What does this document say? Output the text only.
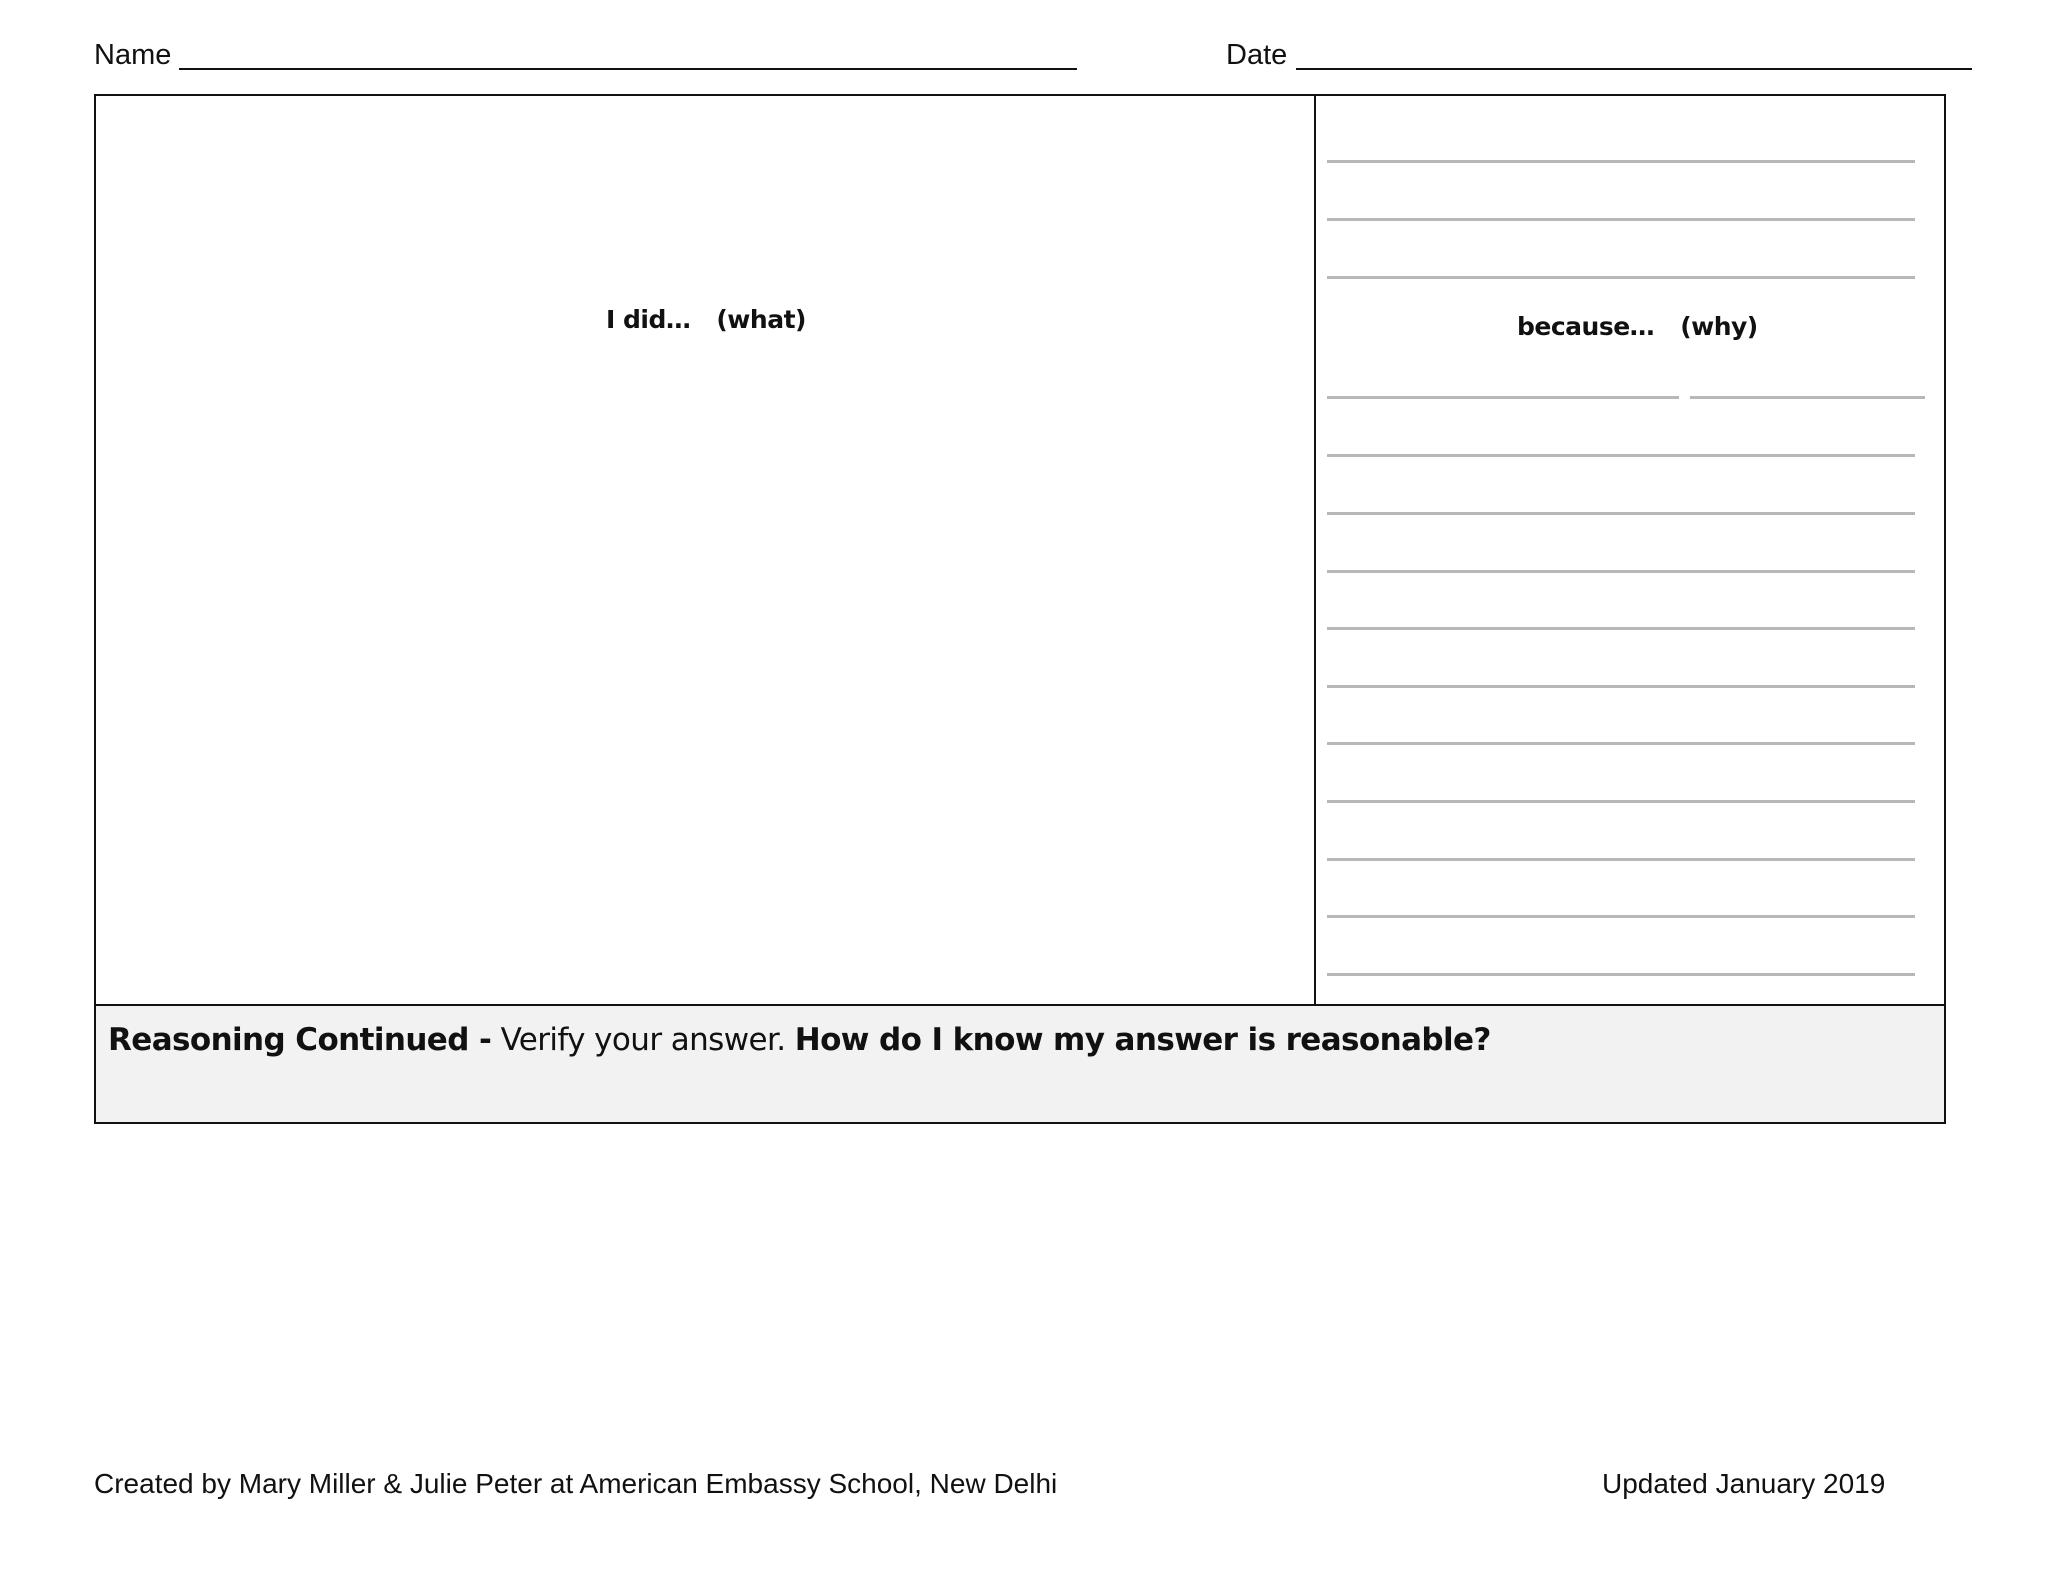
Name	Date
I did… (what)	because… (why)
Reasoning Continued - Verify your answer. How do I know my answer is reasonable?
Created by Mary Miller & Julie Peter at American Embassy School, New Delhi	Updated January 2019
